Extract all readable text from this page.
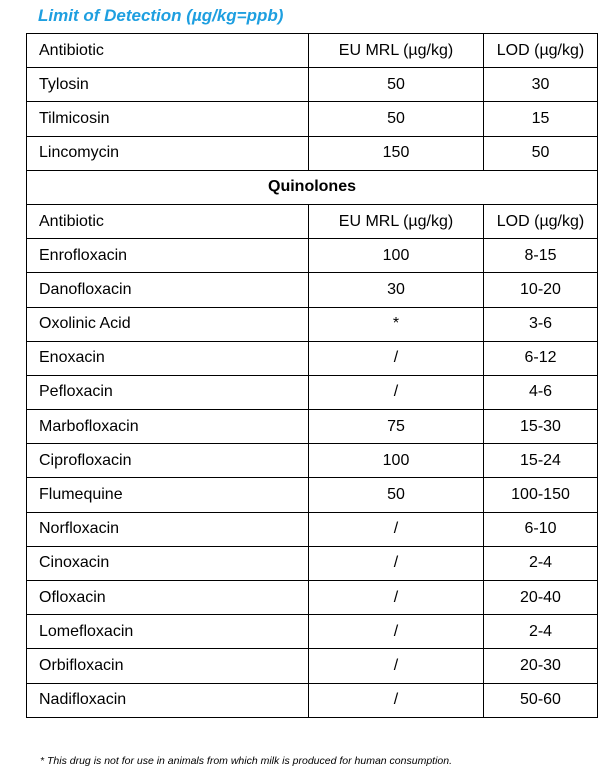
Limit of Detection (µg/kg=ppb)
Antibiotic	EU MRL (µg/kg)	LOD (µg/kg)
Tylosin	50	30
Tilmicosin	50	15
Lincomycin	150	50
Quinolones		
Antibiotic	EU MRL (µg/kg)	LOD (µg/kg)
Enrofloxacin	100	8-15
Danofloxacin	30	10-20
Oxolinic Acid	*	3-6
Enoxacin	/	6-12
Pefloxacin	/	4-6
Marbofloxacin	75	15-30
Ciprofloxacin	100	15-24
Flumequine	50	100-150
Norfloxacin	/	6-10
Cinoxacin	/	2-4
Ofloxacin	/	20-40
Lomefloxacin	/	2-4
Orbifloxacin	/	20-30
Nadifloxacin	/	50-60
* This drug is not for use in animals from which milk is produced for human consumption.
